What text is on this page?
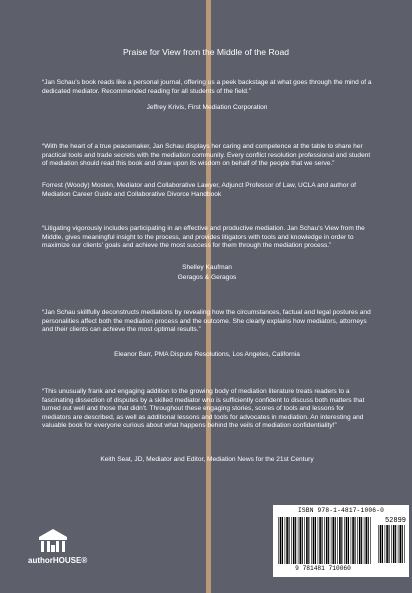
Praise for View from the Middle of the Road
“Jan Schau's book reads like a personal journal, offering us a peek backstage at what goes through the mind of a dedicated mediator. Recommended reading for all students of the field.”
Jeffrey Krivis, First Mediation Corporation
“With the heart of a true peacemaker, Jan Schau displays her caring and competence at the table to share her practical tools and trade secrets with the mediation community. Every conflict resolution professional and student of mediation should read this book and draw upon its wisdom on behalf of the people that we serve.”
Forrest (Woody) Mosten, Mediator and Collaborative Lawyer, Adjunct Professor of Law, UCLA and author of Mediation Career Guide and Collaborative Divorce Handbook
“Litigating vigorously includes participating in an effective and productive mediation. Jan Schau's View from the Middle, gives meaningful insight to the process, and provides litigators with tools and knowledge in order to maximize our clients' goals and achieve the most success for them through the mediation process.”
Shelley Kaufman
Geragos & Geragos
“Jan Schau skillfully deconstructs mediations by revealing how the circumstances, factual and legal postures and personalities affect both the mediation process and the outcome. She clearly explains how mediators, attorneys and their clients can achieve the most optimal results.”
Eleanor Barr, PMA Dispute Resolutions, Los Angeles, California
“This unusually frank and engaging addition to the growing body of mediation literature treats readers to a fascinating dissection of disputes by a skilled mediator who is sufficiently confident to discuss both matters that turned out well and those that didn't. Throughout these engaging stories, scores of tools and lessons for mediators are described, as well as additional lessons and tools for advocates in mediation. An interesting and valuable book for everyone curious about what happens behind the veils of mediation confidentiality!”
Keith Seat, JD, Mediator and Editor, Mediation News for the 21st Century
authorHOUSE®
ISBN 978-1-4817-1006-0
52899
9 781481 710060
